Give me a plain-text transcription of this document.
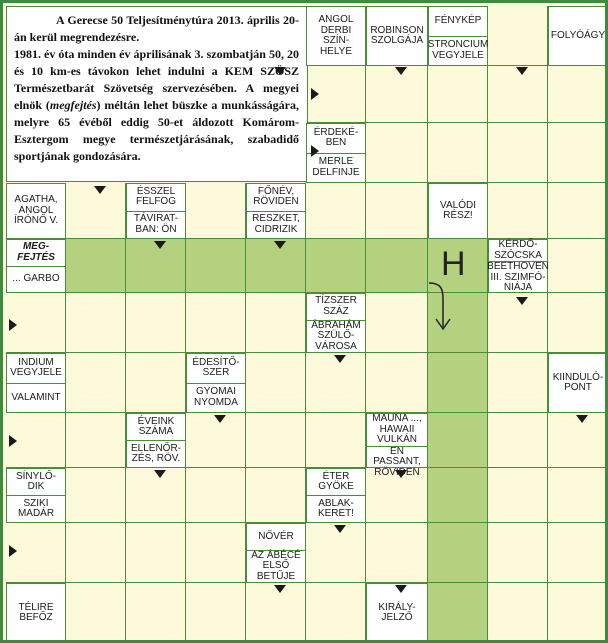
A Gerecse 50 Teljesítménytúra 2013. április 20-án kerül megrendezésre.

1981. év óta minden év áprilisának 3. szombatján 50, 20 és 10 km-es távokon lehet indulni a KEM SZÖSZ Természetbarát Szövetség szervezésében. A megyei elnök (megfejtés) méltán lehet büszke a munkásságára, melyre 65 évéből eddig 50-et áldozott Komárom-Esztergom megye természetjárásának, szabadidő sportjának gondozására.

ANGOL
DERBI
SZÍN-
HELYE
ROBINSON
SZOLGÁJA
FÉNYKÉP
STRONCIUM
VEGYJELE
FOLYÓÁGY
ÉRDEKÉ-
BEN
MERLE
DELFINJE
AGATHA,
ANGOL
ÍRÓNŐ V.
ÉSSZEL
FELFOG
TÁVIRAT-
BAN: ÖN
FŐNÉV,
RÖVIDEN
RESZKET,
CIDRIZIK
VALÓDI
RÉSZ!
MEG-
FEJTÉS
... GARBO
KÉRDŐ-
SZÓCSKA
BEETHOVEN
III. SZIMFÓ-
NIÁJA
TÍZSZER
SZÁZ
ÁBRAHÁM
SZÜLŐ-
VÁROSA
INDIUM
VEGYJELE
VALAMINT
ÉDESÍTŐ-
SZER
GYOMAI
NYOMDA
KIINDULÓ-
PONT
ÉVEINK
SZÁMA
ELLENŐR-
ZÉS, RÖV.
MAUNA ...,
HAWAII
VULKÁN
EN PASSANT,
RÖVIDEN
SÍNYLŐ-
DIK
SZIKI
MADÁR
ÉTER
GYÖKE
ABLAK-
KERET!
NŐVÉR
AZ ÁBÉCÉ
ELSŐ
BETŰJE
TÉLIRE
BEFŐZ
KIRÁLY-
JELZŐ
H
